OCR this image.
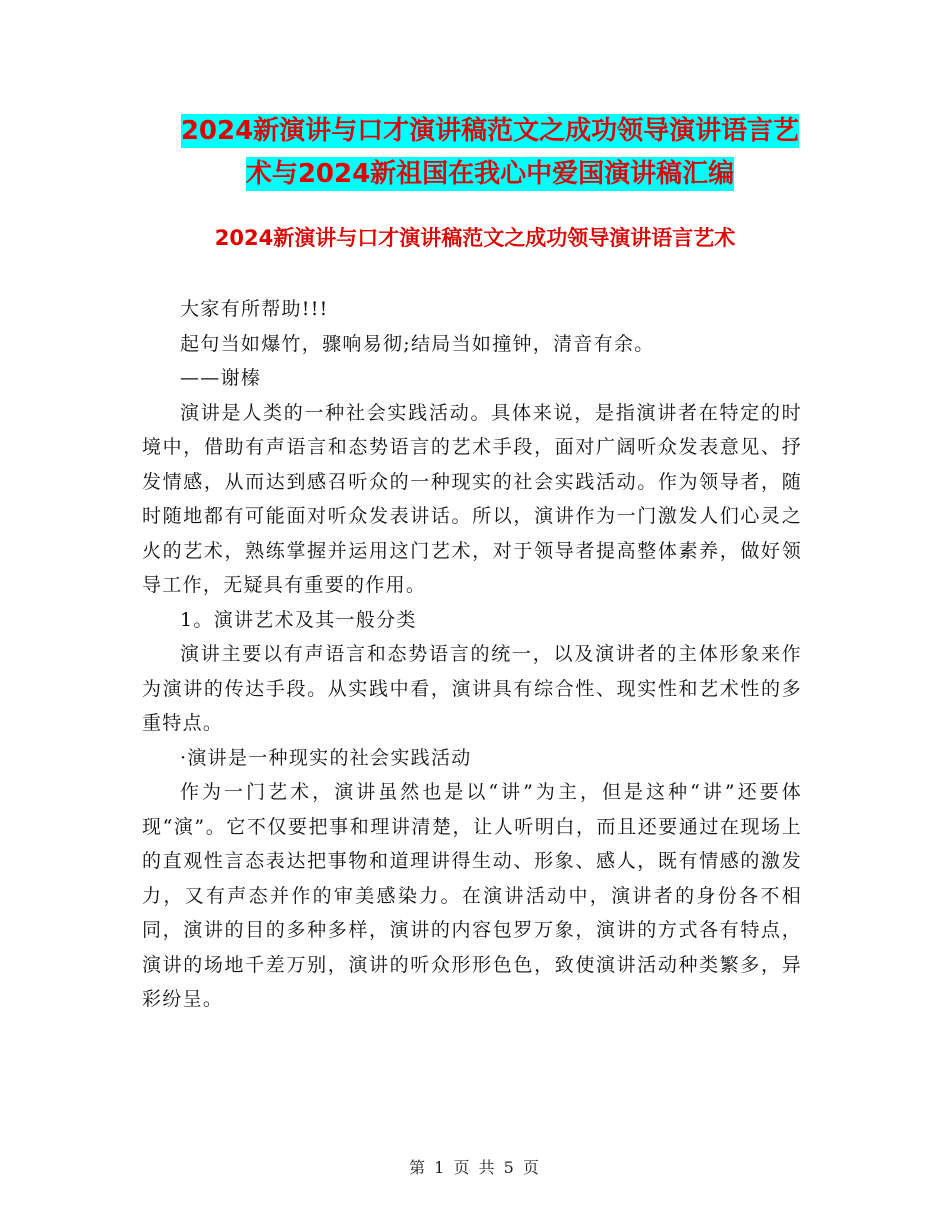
2024新演讲与口才演讲稿范文之成功领导演讲语言艺
术与2024新祖国在我心中爱国演讲稿汇编
2024新演讲与口才演讲稿范文之成功领导演讲语言艺术

大家有所帮助!!!

起句当如爆竹，骤响易彻;结局当如撞钟，清音有余。

——谢榛

演讲是人类的一种社会实践活动。具体来说，是指演讲者在特定的时境中，借助有声语言和态势语言的艺术手段，面对广阔听众发表意见、抒发情感，从而达到感召听众的一种现实的社会实践活动。作为领导者，随时随地都有可能面对听众发表讲话。所以，演讲作为一门激发人们心灵之火的艺术，熟练掌握并运用这门艺术，对于领导者提高整体素养，做好领导工作，无疑具有重要的作用。

1。演讲艺术及其一般分类

演讲主要以有声语言和态势语言的统一，以及演讲者的主体形象来作为演讲的传达手段。从实践中看，演讲具有综合性、现实性和艺术性的多重特点。

·演讲是一种现实的社会实践活动

作为一门艺术，演讲虽然也是以“讲”为主，但是这种“讲”还要体现“演”。它不仅要把事和理讲清楚，让人听明白，而且还要通过在现场上的直观性言态表达把事物和道理讲得生动、形象、感人，既有情感的激发力，又有声态并作的审美感染力。在演讲活动中，演讲者的身份各不相同，演讲的目的多种多样，演讲的内容包罗万象，演讲的方式各有特点，演讲的场地千差万别，演讲的听众形形色色，致使演讲活动种类繁多，异彩纷呈。

第 1 页 共 5 页
